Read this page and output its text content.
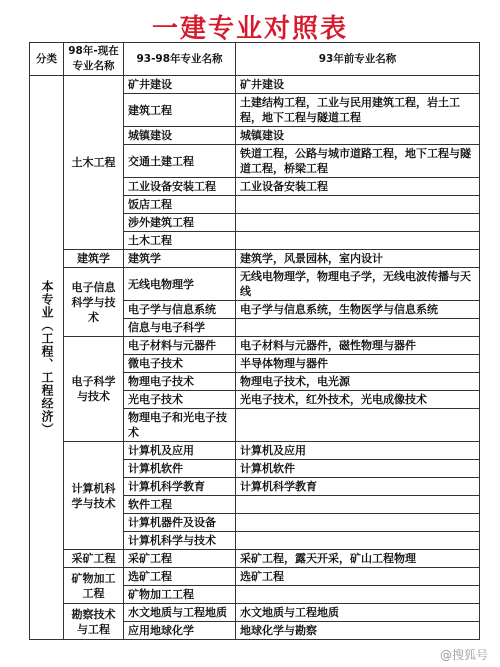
一建专业对照表
分类	98年-现在专业名称	93-98年专业名称	93年前专业名称
本专业（工程、工程经济）	土木工程	矿井建设	矿井建设
		建筑工程	土建结构工程，工业与民用建筑工程，岩土工程，地下工程与隧道工程
		城镇建设	城镇建设
		交通土建工程	铁道工程，公路与城市道路工程，地下工程与隧道工程，桥梁工程
		工业设备安装工程	工业设备安装工程
		饭店工程	
		涉外建筑工程	
		土木工程	
	建筑学	建筑学	建筑学，风景园林，室内设计
	电子信息科学与技术	无线电物理学	无线电物理学，物理电子学，无线电波传播与天线
		电子学与信息系统	电子学与信息系统，生物医学与信息系统
		信息与电子科学	
	电子科学与技术	电子材料与元器件	电子材料与元器件，磁性物理与器件
		微电子技术	半导体物理与器件
		物理电子技术	物理电子技术，电光源
		光电子技术	光电子技术，红外技术，光电成像技术
		物理电子和光电子技术	
	计算机科学与技术	计算机及应用	计算机及应用
		计算机软件	计算机软件
		计算机科学教育	计算机科学教育
		软件工程	
		计算机器件及设备	
		计算机科学与技术	
	采矿工程	采矿工程	采矿工程，露天开采，矿山工程物理
	矿物加工工程	选矿工程	选矿工程
		矿物加工工程	
	勘察技术与工程	水文地质与工程地质	水文地质与工程地质
		应用地球化学	地球化学与勘察
@搜狐号
